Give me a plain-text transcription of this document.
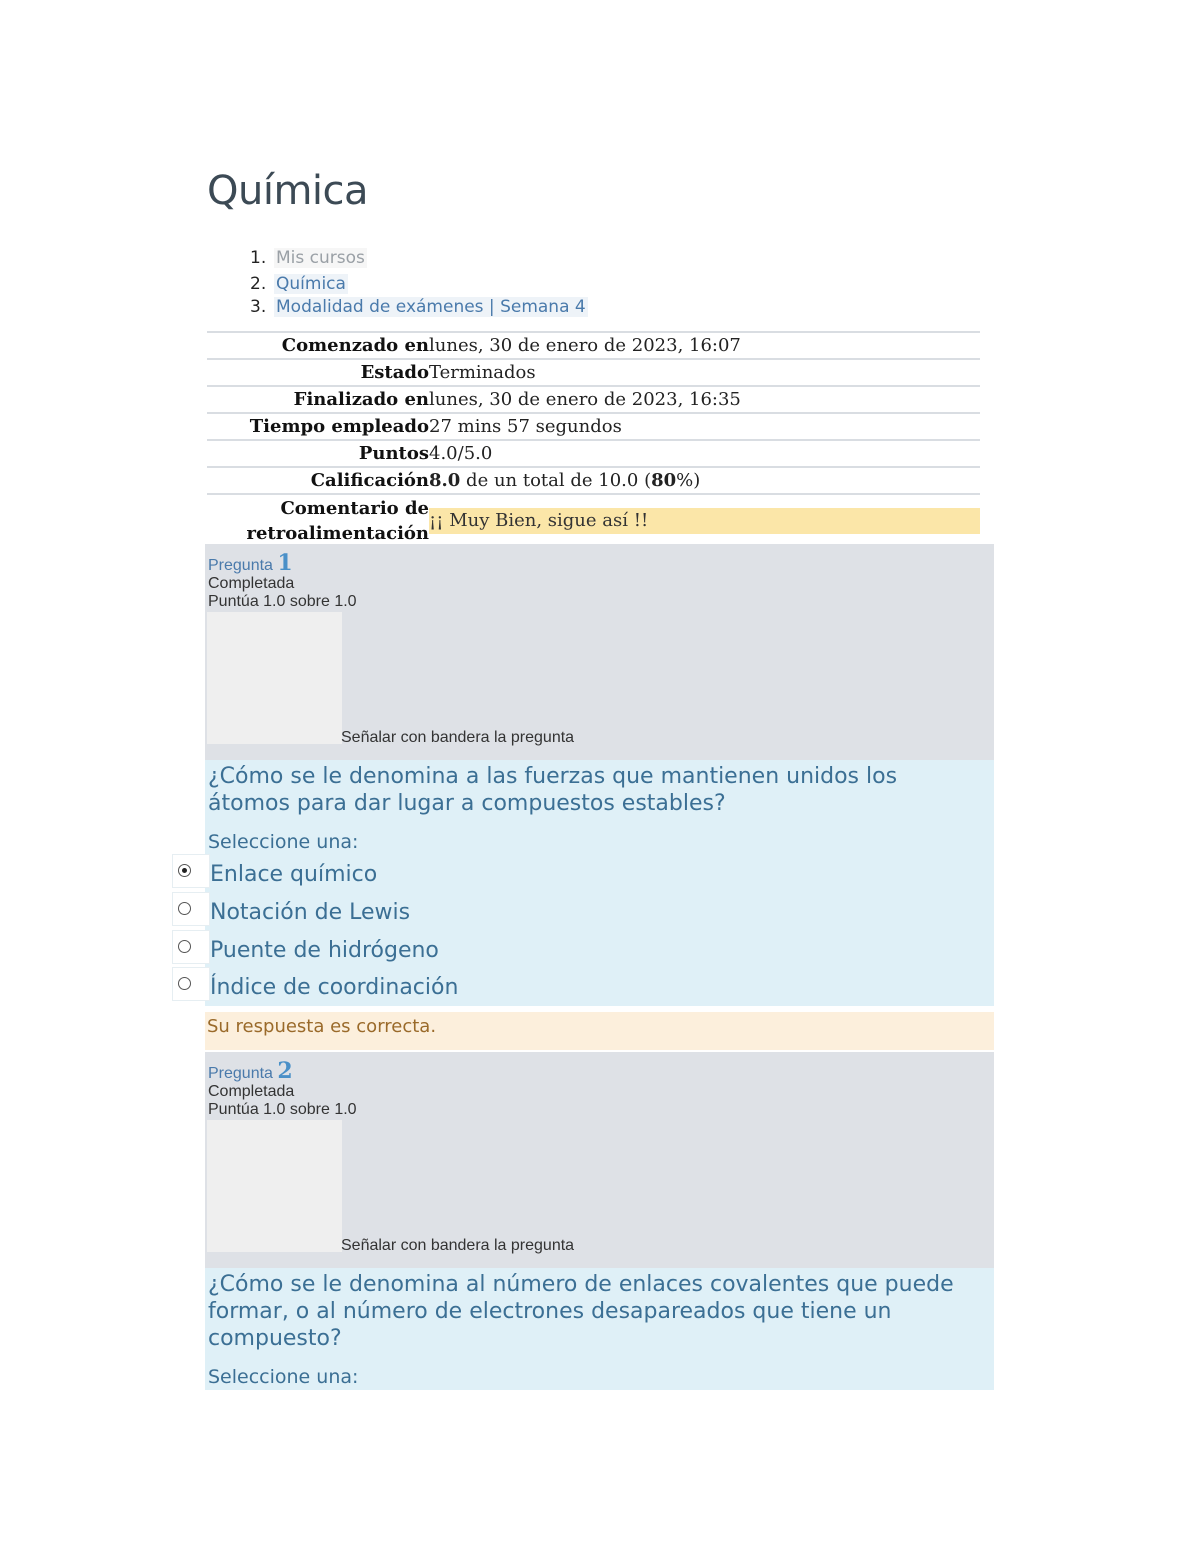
Química
1. Mis cursos
2. Química
3. Modalidad de exámenes | Semana 4
Comenzado en	lunes, 30 de enero de 2023, 16:07
Estado	Terminados
Finalizado en	lunes, 30 de enero de 2023, 16:35
Tiempo empleado	27 mins 57 segundos
Puntos	4.0/5.0
Calificación	8.0 de un total de 10.0 (80%)
Comentario de
retroalimentación	¡¡ Muy Bien, sigue así !!
Pregunta 1
Completada
Puntúa 1.0 sobre 1.0
Señalar con bandera la pregunta
¿Cómo se le denomina a las fuerzas que mantienen unidos los átomos para dar lugar a compuestos estables?
Seleccione una:
Enlace químico
Notación de Lewis
Puente de hidrógeno
Índice de coordinación
Su respuesta es correcta.
Pregunta 2
Completada
Puntúa 1.0 sobre 1.0
Señalar con bandera la pregunta
¿Cómo se le denomina al número de enlaces covalentes que puede formar, o al número de electrones desapareados que tiene un compuesto?
Seleccione una:
